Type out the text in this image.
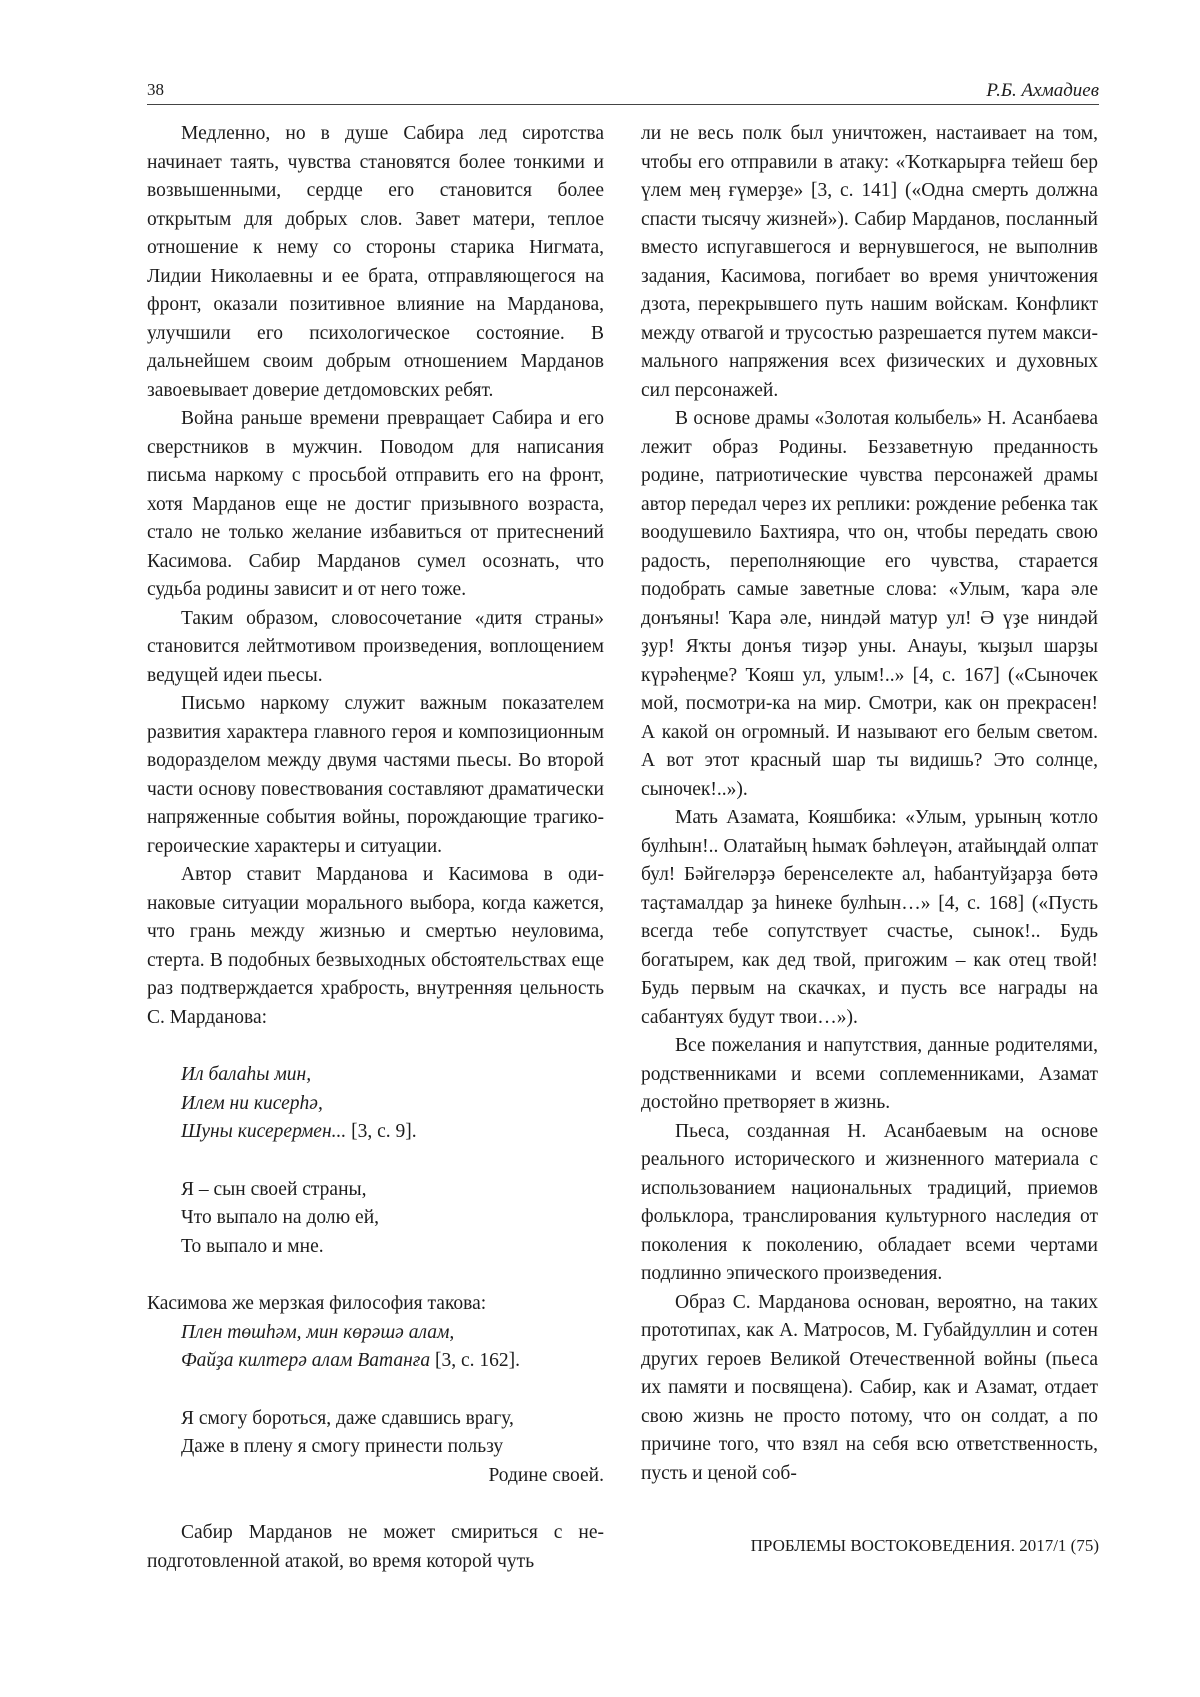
38	Р.Б. Ахмадиев

Медленно, но в душе Сабира лед сиротства начинает таять, чувства становятся более тонкими и возвышенными, сердце его становится более открытым для добрых слов. Завет матери, теплое отношение к нему со стороны старика Нигмата, Лидии Николаевны и ее брата, отправляющегося на фронт, оказали позитивное влияние на Марданова, улучшили его психологическое состояние. В дальнейшем своим добрым отношением Марданов завоевывает доверие детдомовских ребят.

Война раньше времени превращает Сабира и его сверстников в мужчин. Поводом для написания письма наркому с просьбой отправить его на фронт, хотя Марданов еще не достиг призывного возраста, стало не только желание избавиться от притеснений Касимова. Сабир Марданов сумел осознать, что судьба родины зависит и от него тоже.

Таким образом, словосочетание «дитя страны» становится лейтмотивом произведения, воплощением ведущей идеи пьесы.

Письмо наркому служит важным показателем развития характера главного героя и композиционным водоразделом между двумя частями пьесы. Во второй части основу повествования составляют драматически напряженные события войны, порождающие трагико-героические характеры и ситуации.

Автор ставит Марданова и Касимова в одинаковые ситуации морального выбора, когда кажется, что грань между жизнью и смертью неуловима, стерта. В подобных безвыходных обстоятельствах еще раз подтверждается храбрость, внутренняя цельность С. Марданова:

Ил балаһы мин,
Илем ни кисерһә,
Шуны кисерермен... [3, с. 9].
Я – сын своей страны,
Что выпало на долю ей,
То выпало и мне.
Касимова же мерзкая философия такова:
Плен төшһәм, мин көрәшә алам,
Файҙа килтерә алам Ватанға [3, с. 162].
Я смогу бороться, даже сдавшись врагу,
Даже в плену я смогу принести пользу
Родине своей.

Сабир Марданов не может смириться с неподготовленной атакой, во время которой чуть

ли не весь полк был уничтожен, настаивает на том, чтобы его отправили в атаку: «Ҡоткарырға тейеш бер үлем меӊ ғүмерҙе» [3, с. 141] («Одна смерть должна спасти тысячу жизней»). Сабир Марданов, посланный вместо испугавшегося и вернувшегося, не выполнив задания, Касимова, погибает во время уничтожения дзота, перекрывшего путь нашим войскам. Конфликт между отвагой и трусостью разрешается путем максимального напряжения всех физических и духовных сил персонажей.

В основе драмы «Золотая колыбель» Н. Асанбаева лежит образ Родины. Беззаветную преданность родине, патриотические чувства персонажей драмы автор передал через их реплики: рождение ребенка так воодушевило Бахтияра, что он, чтобы передать свою радость, переполняющие его чувства, старается подобрать самые заветные слова: «Улым, ҡара әле донъяны! Ҡара әле, ниндәй матур ул! Ә үҙе ниндәй ҙур! Яҡты донъя тиҙәр уны. Анауы, ҡыҙыл шарҙы күрәһеңме? Ҡояш ул, улым!..» [4, с. 167] («Сыночек мой, посмотри-ка на мир. Смотри, как он прекрасен! А какой он огромный. И называют его белым светом. А вот этот красный шар ты видишь? Это солнце, сыночек!..»).

Мать Азамата, Кояшбика: «Улым, урының ҡотло булһын!.. Олатайың һымаҡ бәһлеүән, атайыңдай олпат бул! Бәйгеләрҙә беренселекте ал, һабантуйҙарҙа бөтә таҫтамалдар ҙа һинеке булһын…» [4, с. 168] («Пусть всегда тебе сопутствует счастье, сынок!.. Будь богатырем, как дед твой, пригожим – как отец твой! Будь первым на скачках, и пусть все награды на сабантуях будут твои…»).

Все пожелания и напутствия, данные родителями, родственниками и всеми соплеменниками, Азамат достойно претворяет в жизнь.

Пьеса, созданная Н. Асанбаевым на основе реального исторического и жизненного материала с использованием национальных традиций, приемов фольклора, транслирования культурного наследия от поколения к поколению, обладает всеми чертами подлинно эпического произведения.

Образ С. Марданова основан, вероятно, на таких прототипах, как А. Матросов, М. Губайдуллин и сотен других героев Великой Отечественной войны (пьеса их памяти и посвящена). Сабир, как и Азамат, отдает свою жизнь не просто потому, что он солдат, а по причине того, что взял на себя всю ответственность, пусть и ценой соб-

ПРОБЛЕМЫ ВОСТОКОВЕДЕНИЯ. 2017/1 (75)
